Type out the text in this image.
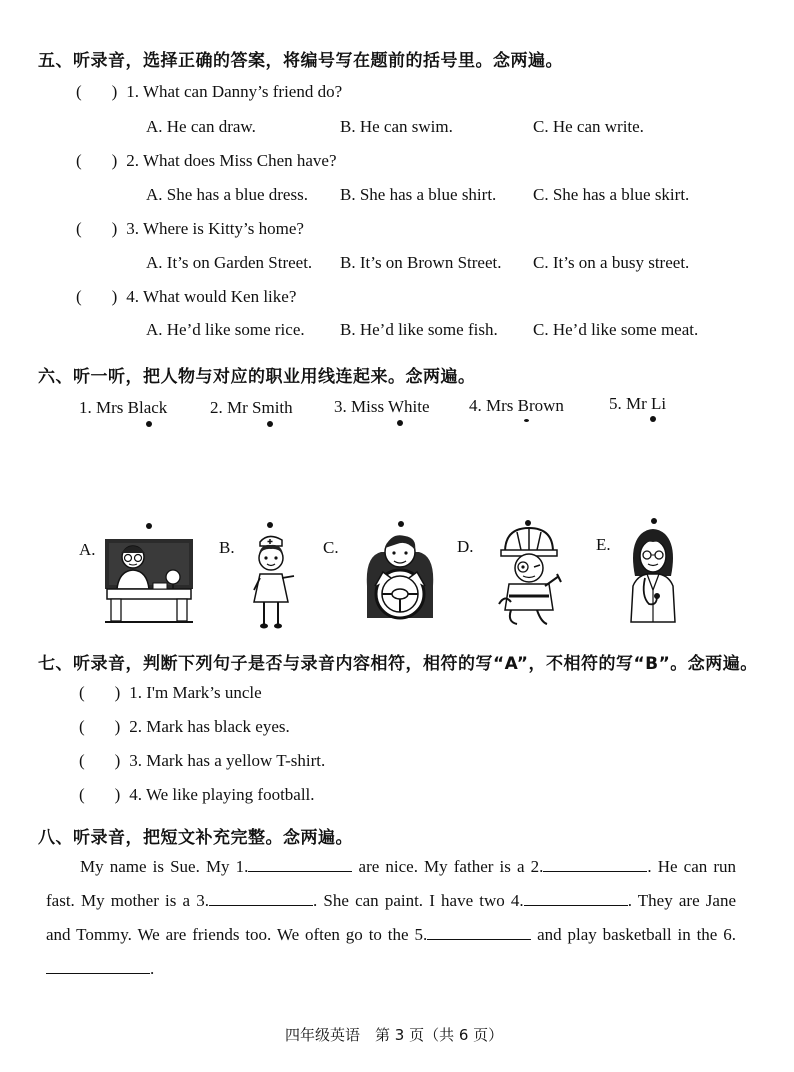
五、听录音，选择正确的答案，将编号写在题前的括号里。念两遍。
( ) 1. What can Danny’s friend do?
A. He can draw.	B. He can swim.	C. He can write.
( ) 2. What does Miss Chen have?
A. She has a blue dress. B. She has a blue shirt. C. She has a blue skirt.
( ) 3. Where is Kitty’s home?
A. It’s on Garden Street. B. It’s on Brown Street. C. It’s on a busy street.
( ) 4. What would Ken like?
A. He’d like some rice. B. He’d like some fish. C. He’d like some meat.
六、听一听，把人物与对应的职业用线连起来。念两遍。
1. Mrs Black	2. Mr Smith 3. Miss White 4. Mrs Brown	5. Mr Li
A.	B.	C.	D.	E.
七、听录音，判断下列句子是否与录音内容相符，相符的写“A”，不相符的写“B”。念两遍。
( ) 1. I'm Mark’s uncle
( ) 2. Mark has black eyes.
( ) 3. Mark has a yellow T-shirt.
( ) 4. We like playing football.
八、听录音，把短文补充完整。念两遍。
My name is Sue. My 1.	are nice. My father is a 2.	. He can run fast. My mother is a 3.	. She can paint. I have two 4.	. They are Jane and Tommy. We are friends too. We often go to the 5.	and play basketball in the 6..
四年级英语　第 3 页（共 6 页）
